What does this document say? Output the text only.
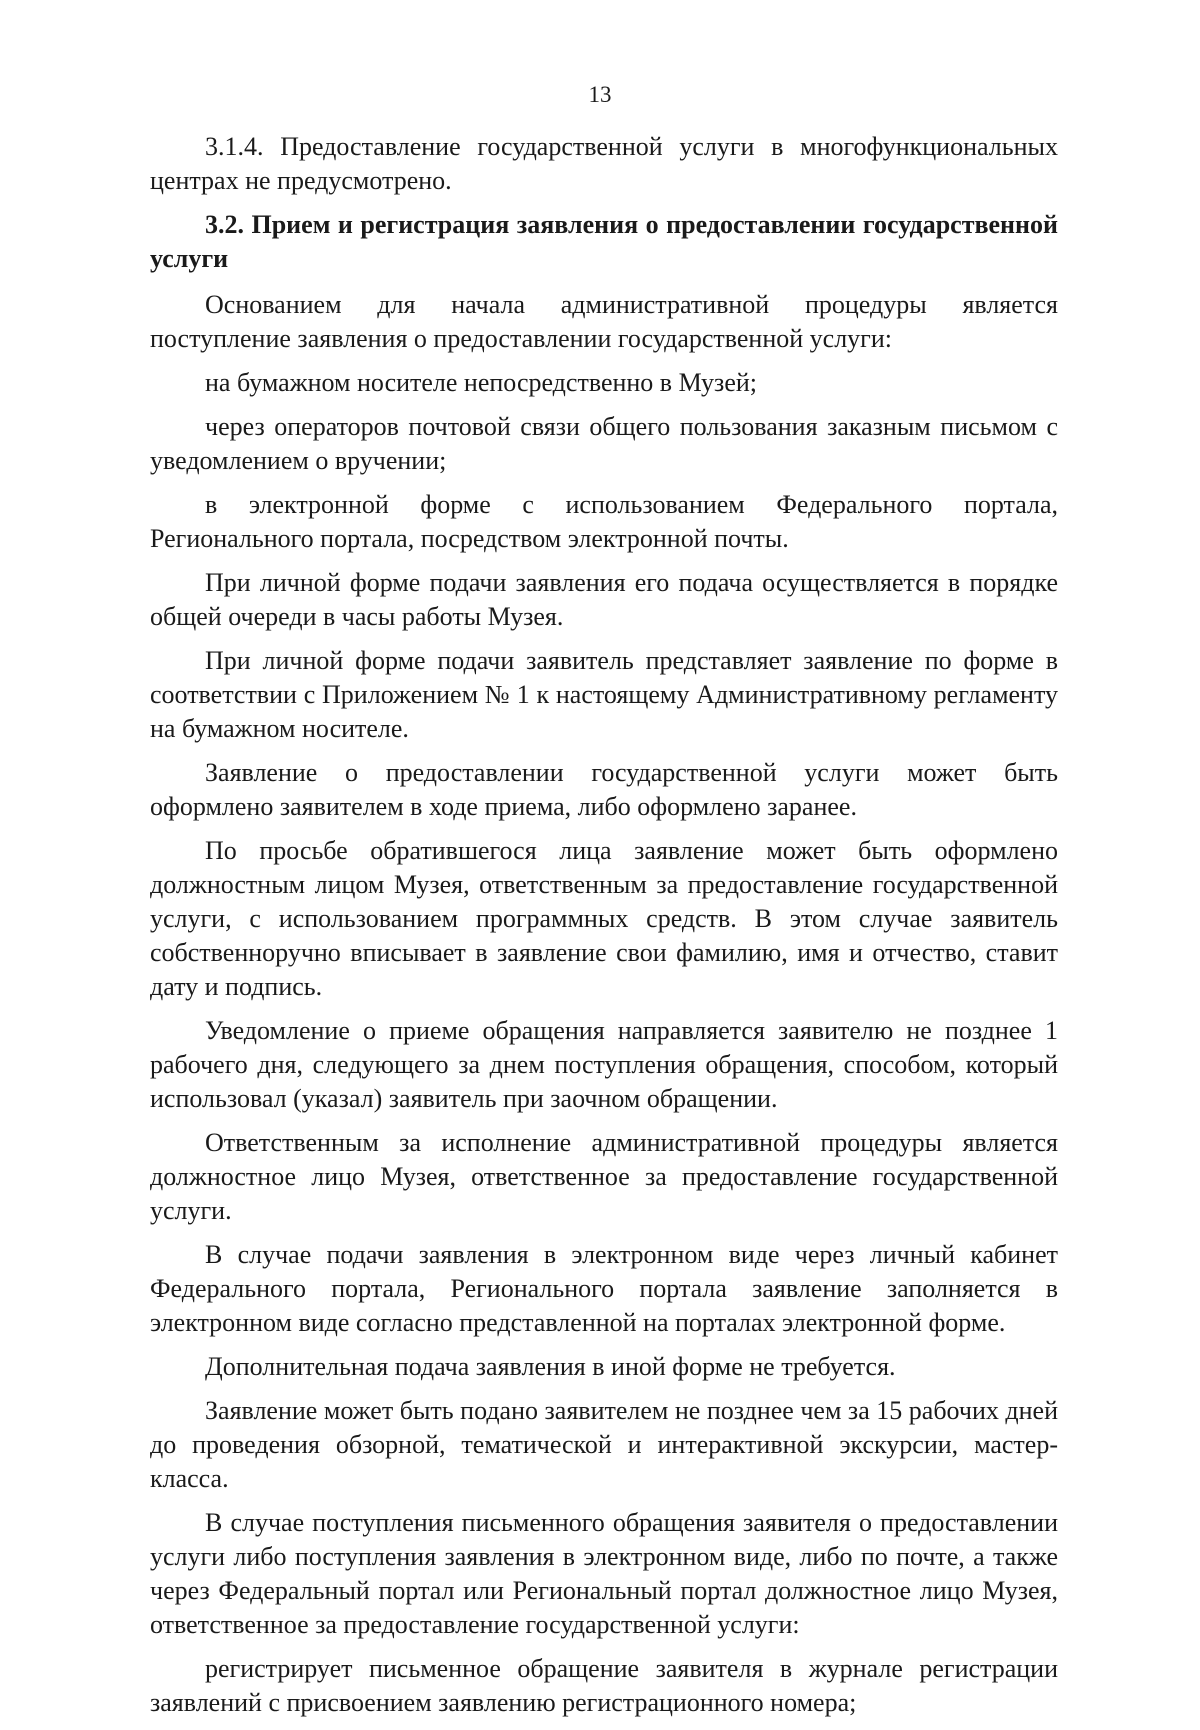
13

3.1.4. Предоставление государственной услуги в многофункциональных центрах не предусмотрено.

3.2. Прием и регистрация заявления о предоставлении государственной услуги

Основанием для начала административной процедуры является поступление заявления о предоставлении государственной услуги:

на бумажном носителе непосредственно в Музей;

через операторов почтовой связи общего пользования заказным письмом с уведомлением о вручении;

в электронной форме с использованием Федерального портала, Регионального портала, посредством электронной почты.

При личной форме подачи заявления его подача осуществляется в порядке общей очереди в часы работы Музея.

При личной форме подачи заявитель представляет заявление по форме в соответствии с Приложением № 1 к настоящему Административному регламенту на бумажном носителе.

Заявление о предоставлении государственной услуги может быть оформлено заявителем в ходе приема, либо оформлено заранее.

По просьбе обратившегося лица заявление может быть оформлено должностным лицом Музея, ответственным за предоставление государственной услуги, с использованием программных средств. В этом случае заявитель собственноручно вписывает в заявление свои фамилию, имя и отчество, ставит дату и подпись.

Уведомление о приеме обращения направляется заявителю не позднее 1 рабочего дня, следующего за днем поступления обращения, способом, который использовал (указал) заявитель при заочном обращении.

Ответственным за исполнение административной процедуры является должностное лицо Музея, ответственное за предоставление государственной услуги.

В случае подачи заявления в электронном виде через личный кабинет Федерального портала, Регионального портала заявление заполняется в электронном виде согласно представленной на порталах электронной форме.

Дополнительная подача заявления в иной форме не требуется.

Заявление может быть подано заявителем не позднее чем за 15 рабочих дней до проведения обзорной, тематической и интерактивной экскурсии, мастер-класса.

В случае поступления письменного обращения заявителя о предоставлении услуги либо поступления заявления в электронном виде, либо по почте, а также через Федеральный портал или Региональный портал должностное лицо Музея, ответственное за предоставление государственной услуги:

регистрирует письменное обращение заявителя в журнале регистрации заявлений с присвоением заявлению регистрационного номера;
